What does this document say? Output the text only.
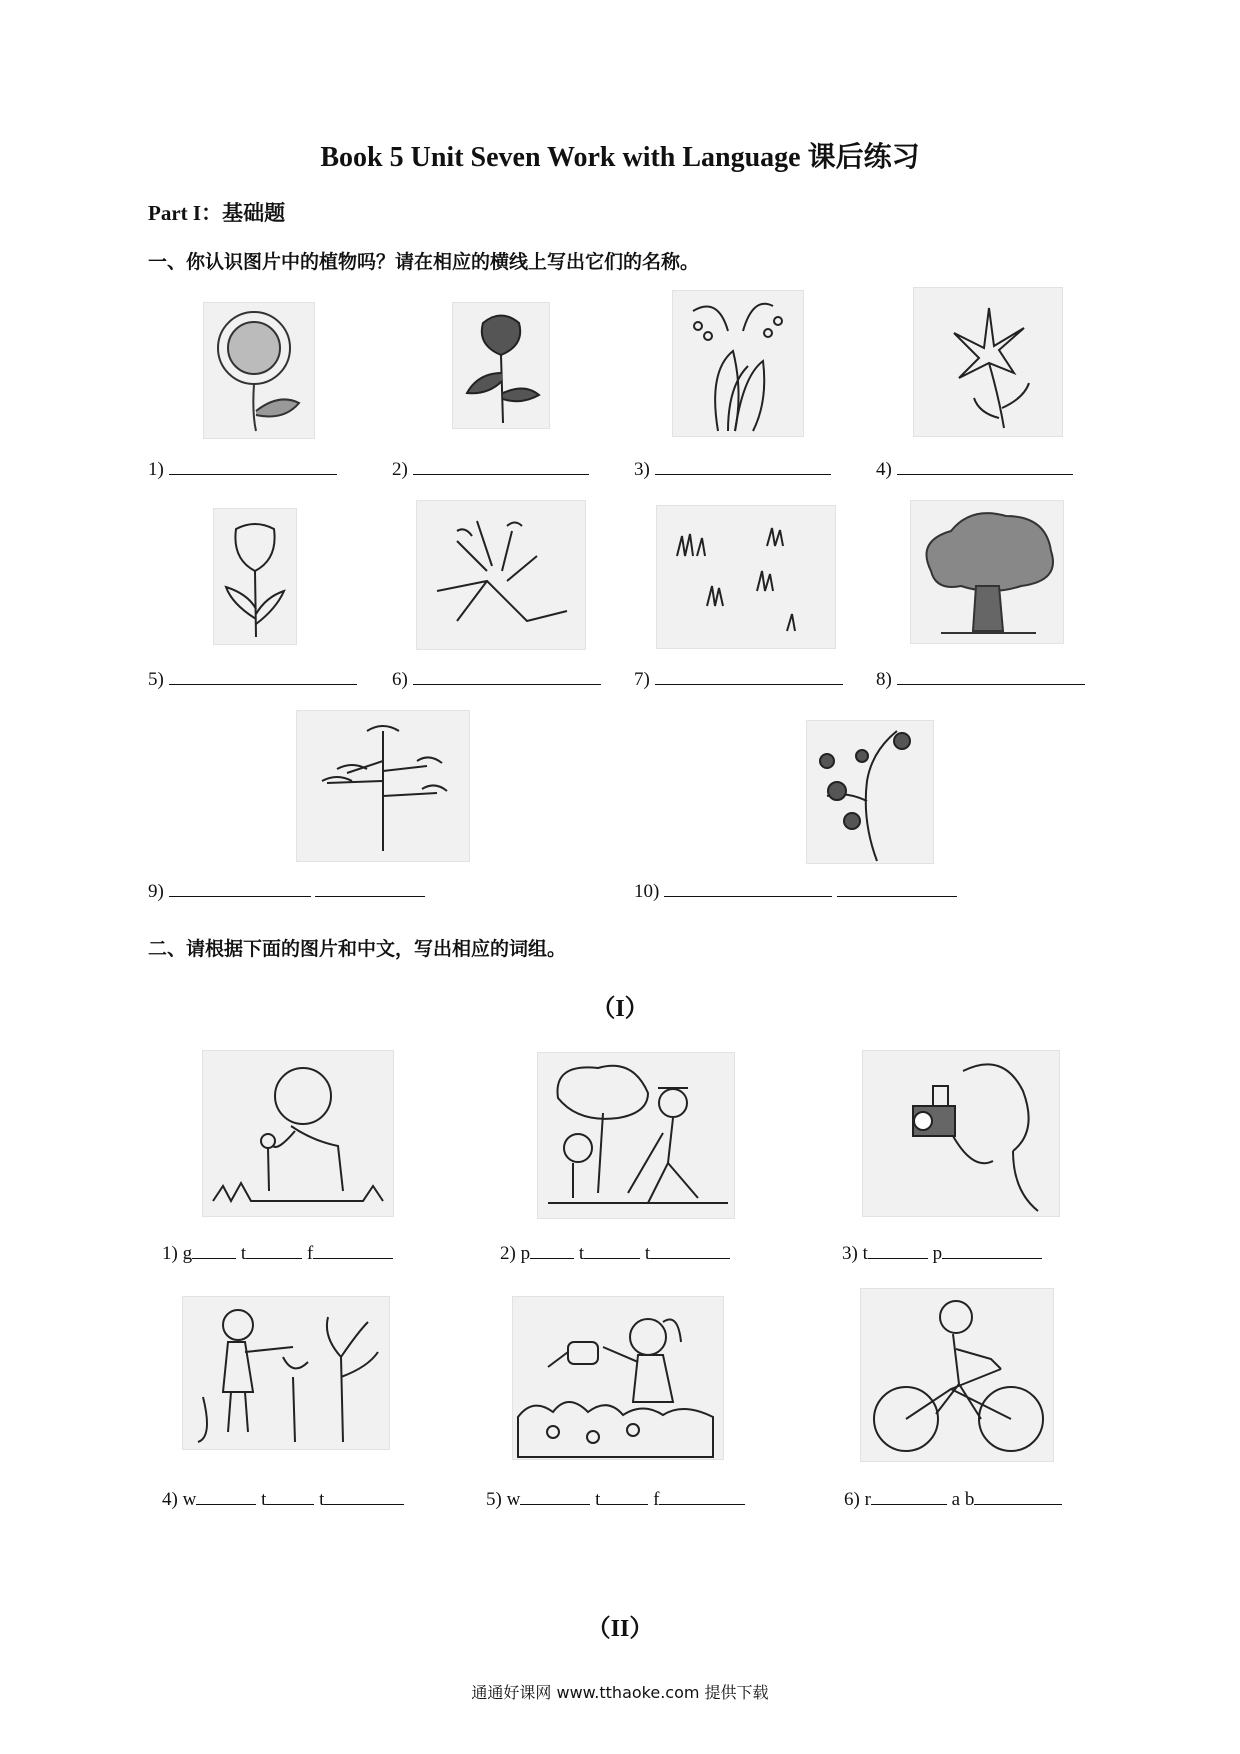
Book 5 Unit Seven Work with Language 课后练习
Part I：基础题
一、你认识图片中的植物吗？请在相应的横线上写出它们的名称。
1)	2)	3)	4)
5)	6)	7)	8)
9)	10)
二、请根据下面的图片和中文，写出相应的词组。
（I）
1) g	t	f	2) p	t	t	3) t	p
4) w	t	t	5) w	t	f	6) r	a b
（II）
通通好课网 www.tthaoke.com 提供下载
